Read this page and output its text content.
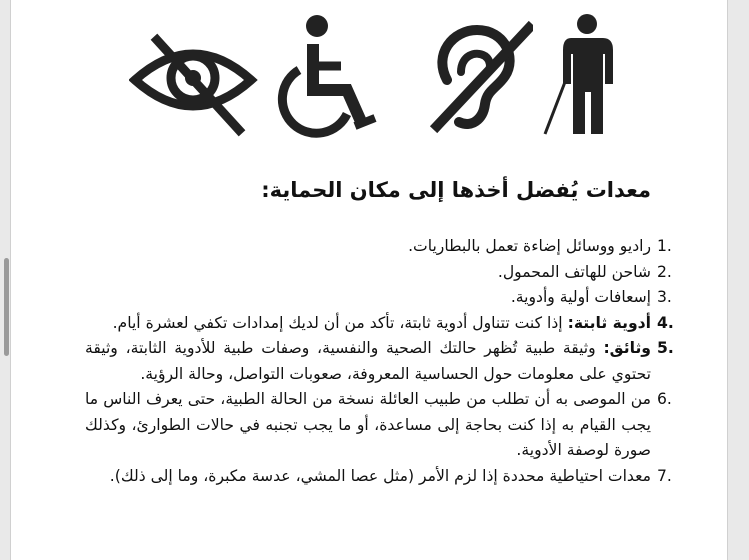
معدات يُفضل أخذها إلى مكان الحماية:
1.
راديو ووسائل إضاءة تعمل بالبطاريات.
2.
شاحن للهاتف المحمول.
3.
إسعافات أولية وأدوية.
4.
أدوية ثابتة: إذا كنت تتناول أدوية ثابتة، تأكد من أن لديك إمدادات تكفي لعشرة أيام.
5.
وثائق: وثيقة طبية تُظهر حالتك الصحية والنفسية، وصفات طبية للأدوية الثابتة، وثيقة تحتوي على معلومات حول الحساسية المعروفة، صعوبات التواصل، وحالة الرؤية.
6.
من الموصى به أن تطلب من طبيب العائلة نسخة من الحالة الطبية، حتى يعرف الناس ما يجب القيام به إذا كنت بحاجة إلى مساعدة، أو ما يجب تجنبه في حالات الطوارئ، وكذلك صورة لوصفة الأدوية.
7.
معدات احتياطية محددة إذا لزم الأمر (مثل عصا المشي، عدسة مكبرة، وما إلى ذلك).
